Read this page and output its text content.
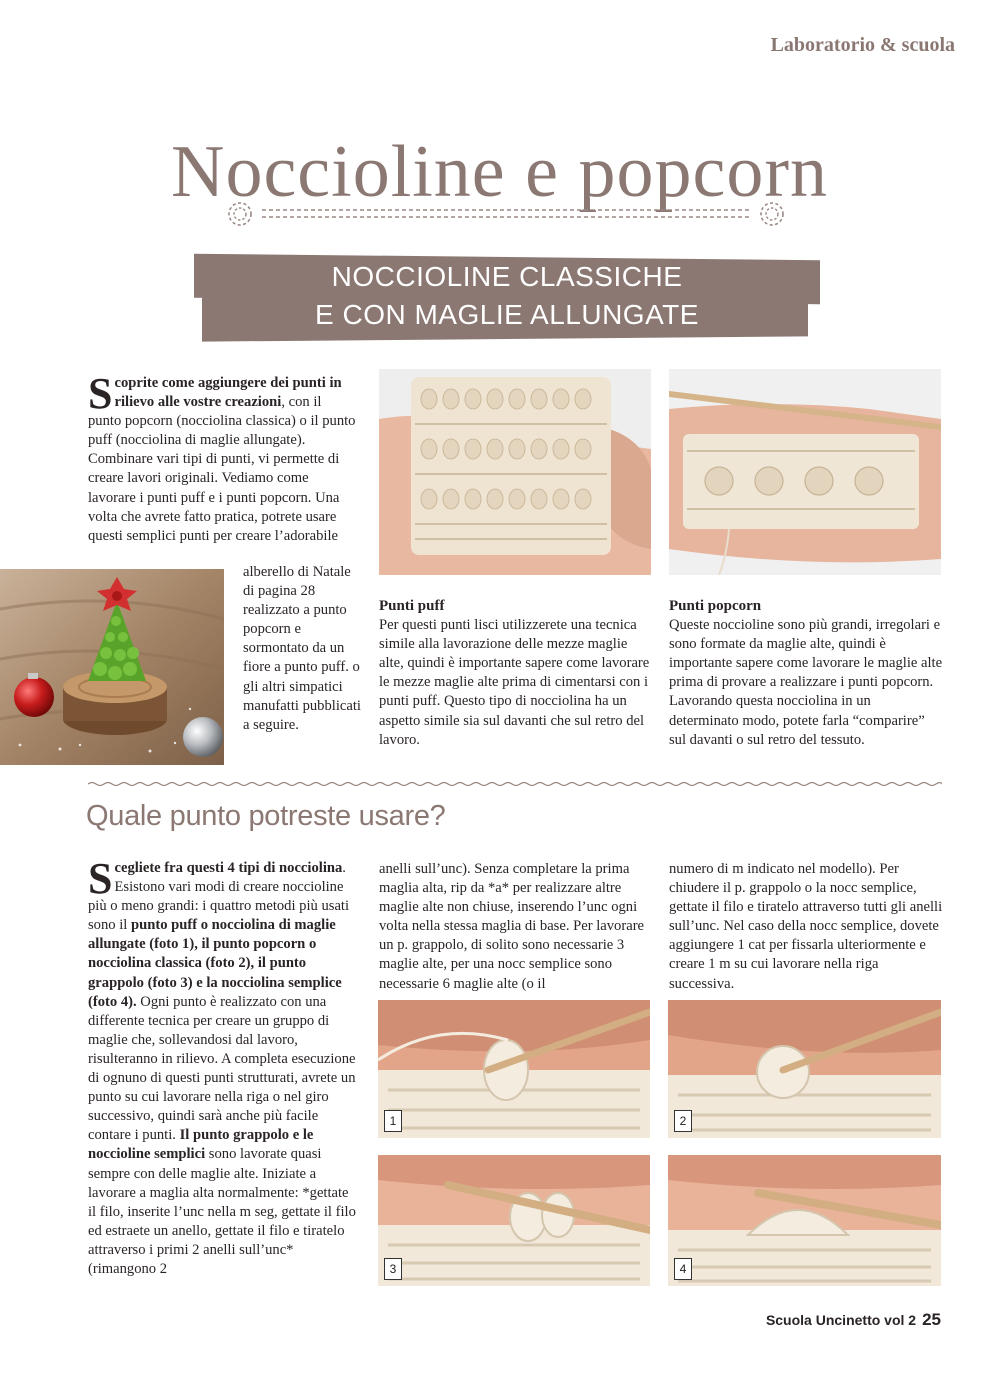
Laboratorio & scuola
Noccioline e popcorn
NOCCIOLINE CLASSICHE
E CON MAGLIE ALLUNGATE
Scoprite come aggiungere dei punti in rilievo alle vostre creazioni, con il punto popcorn (nocciolina classica) o il punto puff (nocciolina di maglie allungate). Combinare vari tipi di punti, vi permette di creare lavori originali. Vediamo come lavorare i punti puff e i punti popcorn. Una volta che avrete fatto pratica, potrete usare questi semplici punti per creare l’adorabile
alberello di Natale di pagina 28 realizzato a punto popcorn e sormontato da un fiore a punto puff. o gli altri simpatici manufatti pubblicati a seguire.
Punti puff
Per questi punti lisci utilizzerete una tecnica simile alla lavorazione delle mezze maglie alte, quindi è importante sapere come lavorare le mezze maglie alte prima di cimentarsi con i punti puff. Questo tipo di nocciolina ha un aspetto simile sia sul davanti che sul retro del lavoro.
Punti popcorn
Queste noccioline sono più grandi, irregolari e sono formate da maglie alte, quindi è importante sapere come lavorare le maglie alte prima di provare a realizzare i punti popcorn. Lavorando questa nocciolina in un determinato modo, potete farla “comparire” sul davanti o sul retro del tessuto.
Quale punto potreste usare?
Scegliete fra questi 4 tipi di nocciolina. Esistono vari modi di creare noccioline più o meno grandi: i quattro metodi più usati sono il punto puff o nocciolina di maglie allungate (foto 1), il punto popcorn o nocciolina classica (foto 2), il punto grappolo (foto 3) e la nocciolina semplice (foto 4). Ogni punto è realizzato con una differente tecnica per creare un gruppo di maglie che, sollevandosi dal lavoro, risulteranno in rilievo. A completa esecuzione di ognuno di questi punti strutturati, avrete un punto su cui lavorare nella riga o nel giro successivo, quindi sarà anche più facile contare i punti. Il punto grappolo e le noccioline semplici sono lavorate quasi sempre con delle maglie alte. Iniziate a lavorare a maglia alta normalmente: *gettate il filo, inserite l’unc nella m seg, gettate il filo ed estraete un anello, gettate il filo e tiratelo attraverso i primi 2 anelli sull’unc* (rimangono 2
anelli sull’unc). Senza completare la prima maglia alta, rip da *a* per realizzare altre maglie alte non chiuse, inserendo l’unc ogni volta nella stessa maglia di base. Per lavorare un p. grappolo, di solito sono necessarie 3 maglie alte, per una nocc semplice sono necessarie 6 maglie alte (o il
numero di m indicato nel modello). Per chiudere il p. grappolo o la nocc semplice, gettate il filo e tiratelo attraverso tutti gli anelli sull’unc. Nel caso della nocc semplice, dovete aggiungere 1 cat per fissarla ulteriormente e creare 1 m su cui lavorare nella riga successiva.
1	2
3	4
Scuola Uncinetto vol 2 25
